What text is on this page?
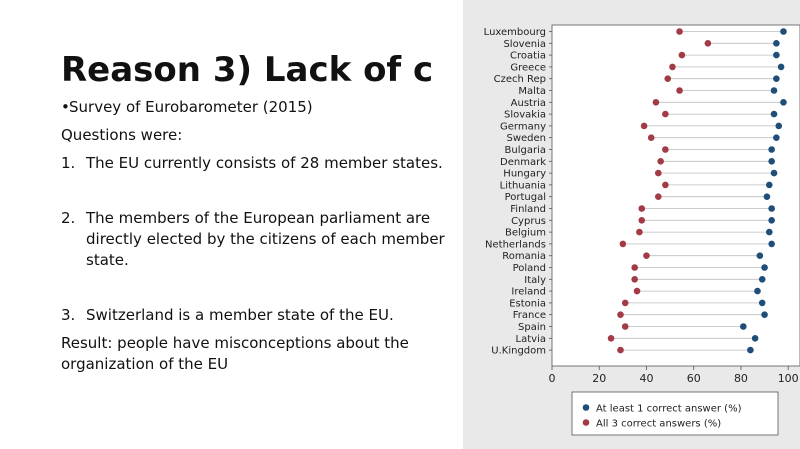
Reason 3) Lack of c

•Survey of Eurobarometer (2015)

Questions were:

1. The EU currently consists of 28 member states.
2. The members of the European parliament are directly elected by the citizens of each member state.
3. Switzerland is a member state of the EU.

Result: people have misconceptions about the organization of the EU

Luxembourg
Slovenia
Croatia
Greece
Czech Rep
Malta
Austria
Slovakia
Germany
Sweden
Bulgaria
Denmark
Hungary
Lithuania
Portugal
Finland
Cyprus
Belgium
Netherlands
Romania
Poland
Italy
Ireland
Estonia
France
Spain
Latvia
U.Kingdom
0	20	40	60	80	100
At least 1 correct answer (%)
All 3 correct answers (%)
